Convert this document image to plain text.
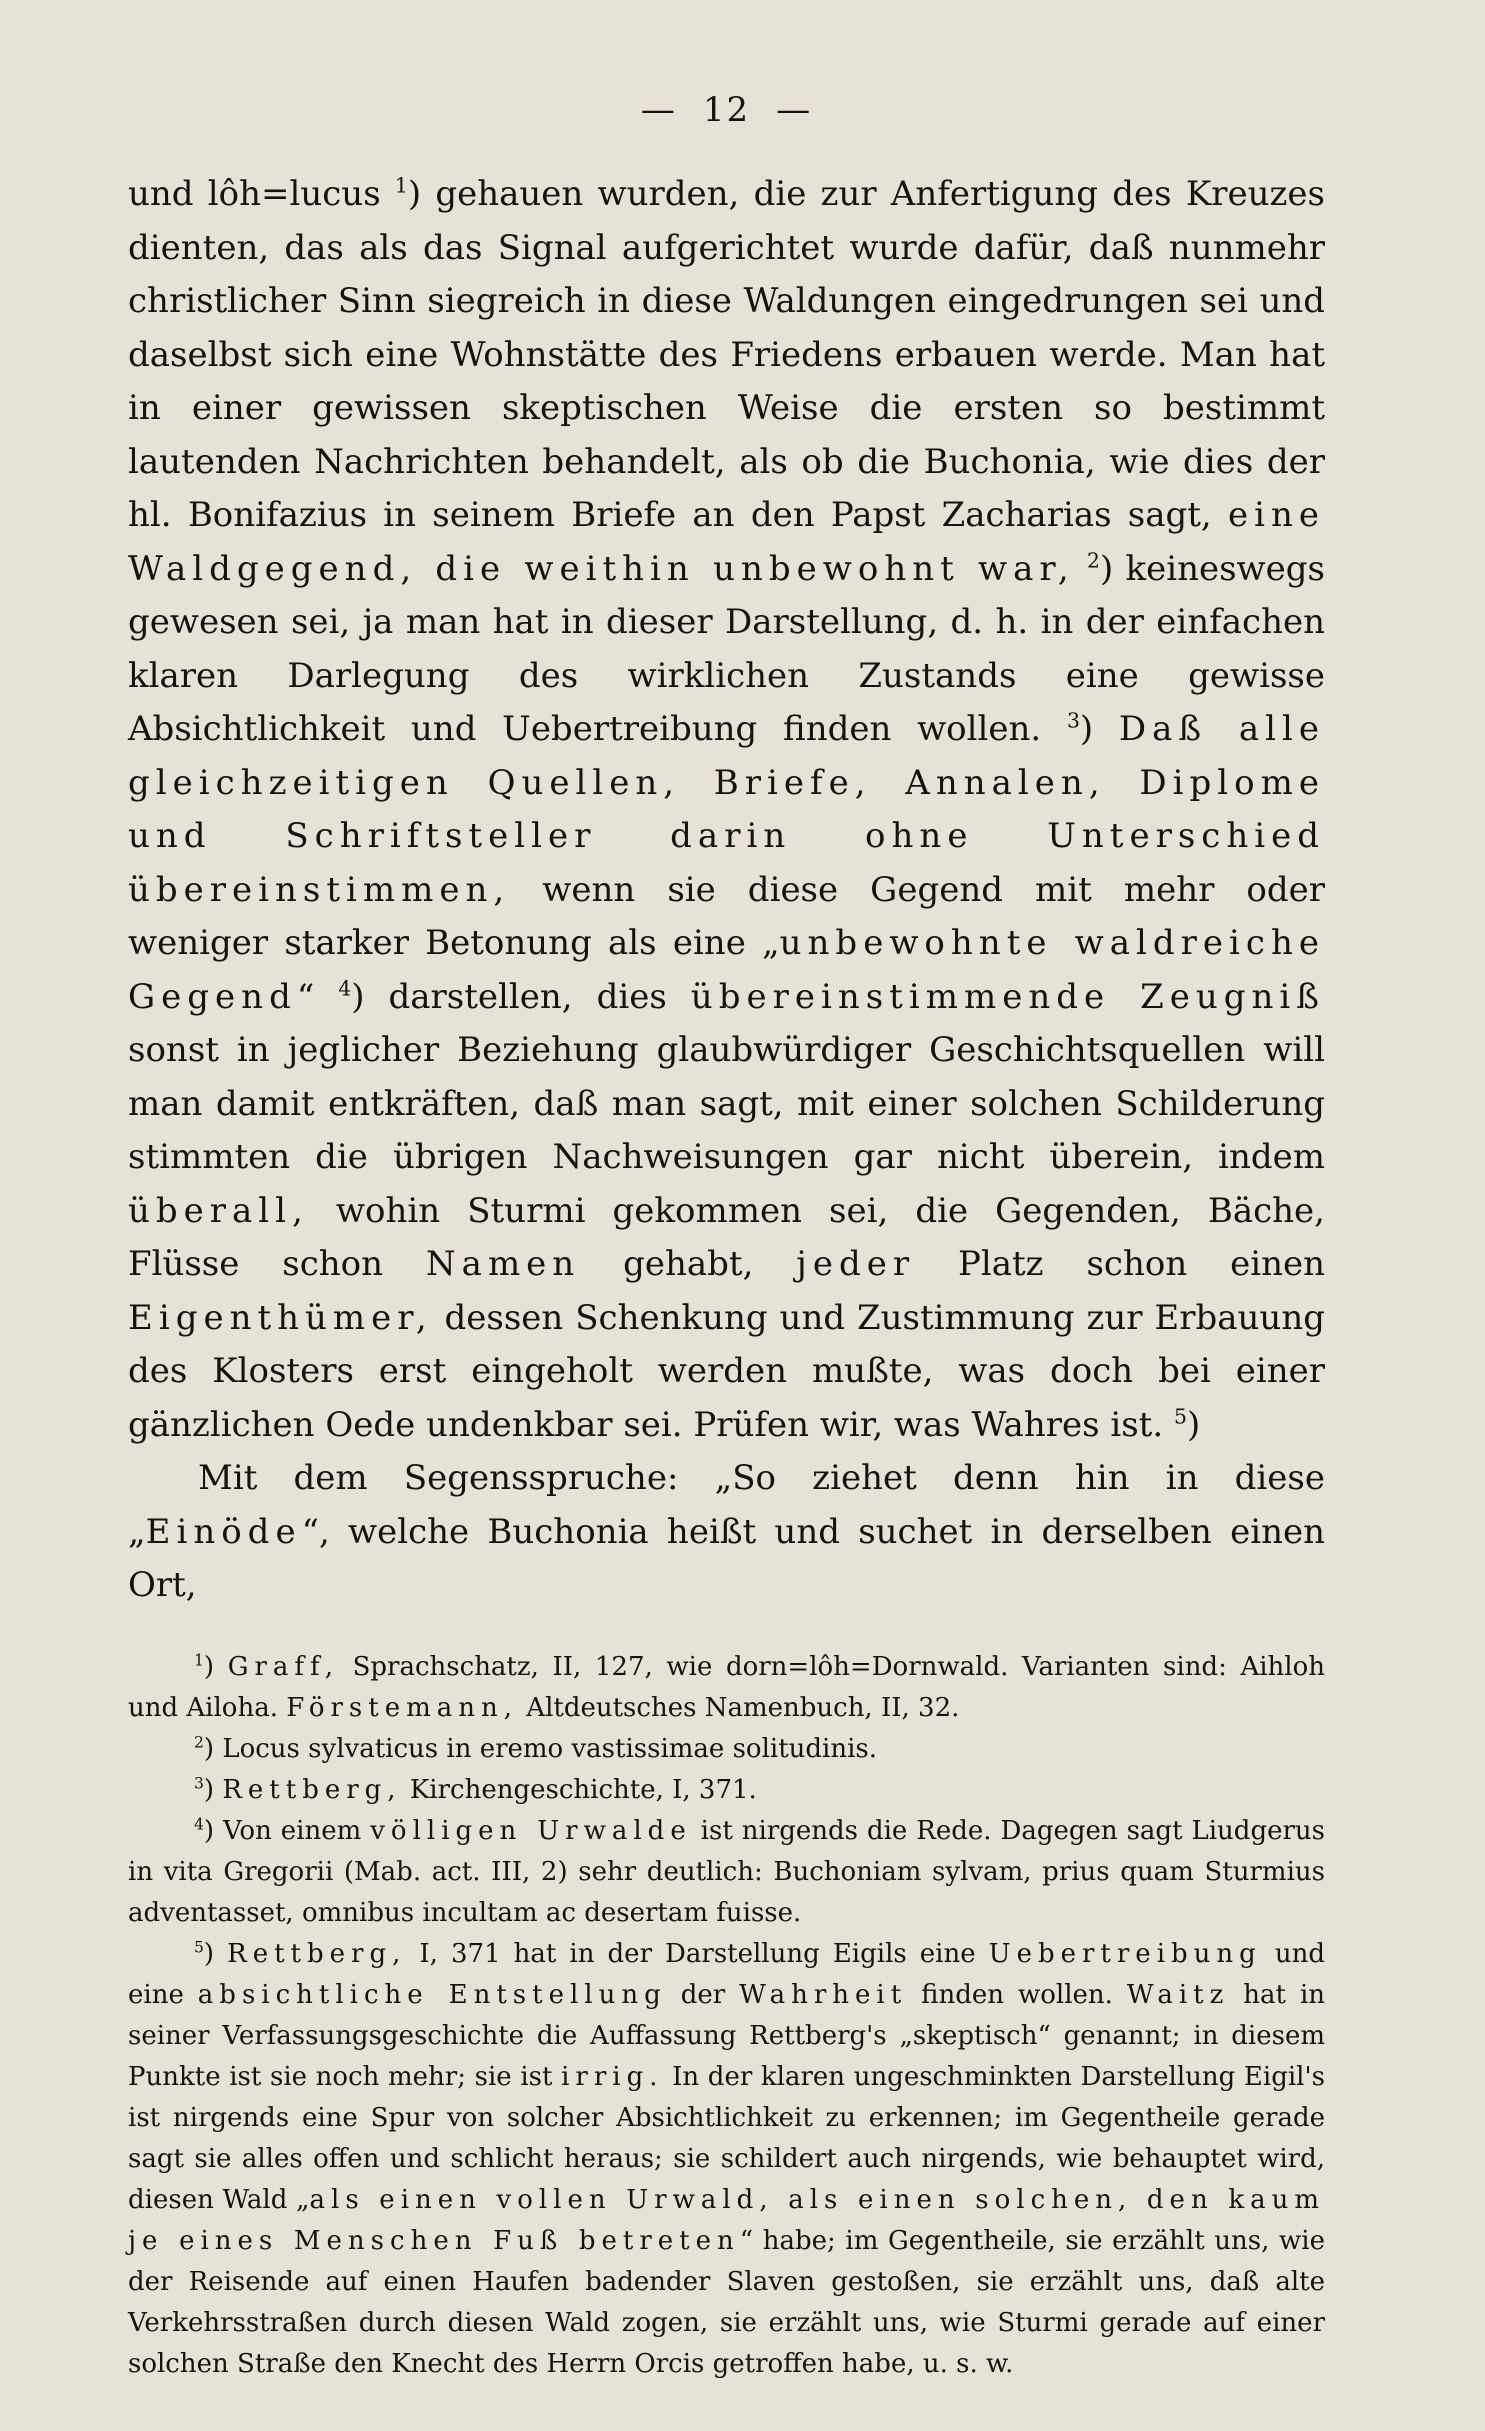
— 12 —

und lôh=lucus $^1$) gehauen wurden, die zur Anfertigung des Kreuzes dienten, das als das Signal aufgerichtet wurde dafür, daß nunmehr christlicher Sinn siegreich in diese Waldungen eingedrungen sei und daselbst sich eine Wohnstätte des Friedens erbauen werde. Man hat in einer gewissen skeptischen Weise die ersten so bestimmt lautenden Nachrichten behandelt, als ob die Buchonia, wie dies der hl. Bonifazius in seinem Briefe an den Papst Zacharias sagt, eine Waldgegend, die weithin unbewohnt war, $^2$) keineswegs gewesen sei, ja man hat in dieser Darstellung, d. h. in der einfachen klaren Darlegung des wirklichen Zustands eine gewisse Absichtlichkeit und Uebertreibung finden wollen. $^3$) Daß alle gleichzeitigen Quellen, Briefe, Annalen, Diplome und Schriftsteller darin ohne Unterschied übereinstimmen, wenn sie diese Gegend mit mehr oder weniger starker Betonung als eine „unbewohnte waldreiche Gegend“ $^4$) darstellen, dies übereinstimmende Zeugniß sonst in jeglicher Beziehung glaubwürdiger Geschichtsquellen will man damit entkräften, daß man sagt, mit einer solchen Schilderung stimmten die übrigen Nachweisungen gar nicht überein, indem überall, wohin Sturmi gekommen sei, die Gegenden, Bäche, Flüsse schon Namen gehabt, jeder Platz schon einen Eigenthümer, dessen Schenkung und Zustimmung zur Erbauung des Klosters erst eingeholt werden mußte, was doch bei einer gänzlichen Oede undenkbar sei. Prüfen wir, was Wahres ist. $^5$)

Mit dem Segensspruche: „So ziehet denn hin in diese „Einöde“, welche Buchonia heißt und suchet in derselben einen Ort,

$^1$) Graff, Sprachschatz, II, 127, wie dorn=lôh=Dornwald. Varianten sind: Aihloh und Ailoha. Förstemann, Altdeutsches Namenbuch, II, 32.

$^2$) Locus sylvaticus in eremo vastissimae solitudinis.

$^3$) Rettberg, Kirchengeschichte, I, 371.

$^4$) Von einem völligen Urwalde ist nirgends die Rede. Dagegen sagt Liudgerus in vita Gregorii (Mab. act. III, 2) sehr deutlich: Buchoniam sylvam, prius quam Sturmius adventasset, omnibus incultam ac desertam fuisse.

$^5$) Rettberg, I, 371 hat in der Darstellung Eigils eine Uebertreibung und eine absichtliche Entstellung der Wahrheit finden wollen. Waitz hat in seiner Verfassungsgeschichte die Auffassung Rettberg's „skeptisch“ genannt; in diesem Punkte ist sie noch mehr; sie ist irrig. In der klaren ungeschminkten Darstellung Eigil's ist nirgends eine Spur von solcher Absichtlichkeit zu erkennen; im Gegentheile gerade sagt sie alles offen und schlicht heraus; sie schildert auch nirgends, wie behauptet wird, diesen Wald „als einen vollen Urwald, als einen solchen, den kaum je eines Menschen Fuß betreten“ habe; im Gegentheile, sie erzählt uns, wie der Reisende auf einen Haufen badender Slaven gestoßen, sie erzählt uns, daß alte Verkehrsstraßen durch diesen Wald zogen, sie erzählt uns, wie Sturmi gerade auf einer solchen Straße den Knecht des Herrn Orcis getroffen habe, u. s. w.
